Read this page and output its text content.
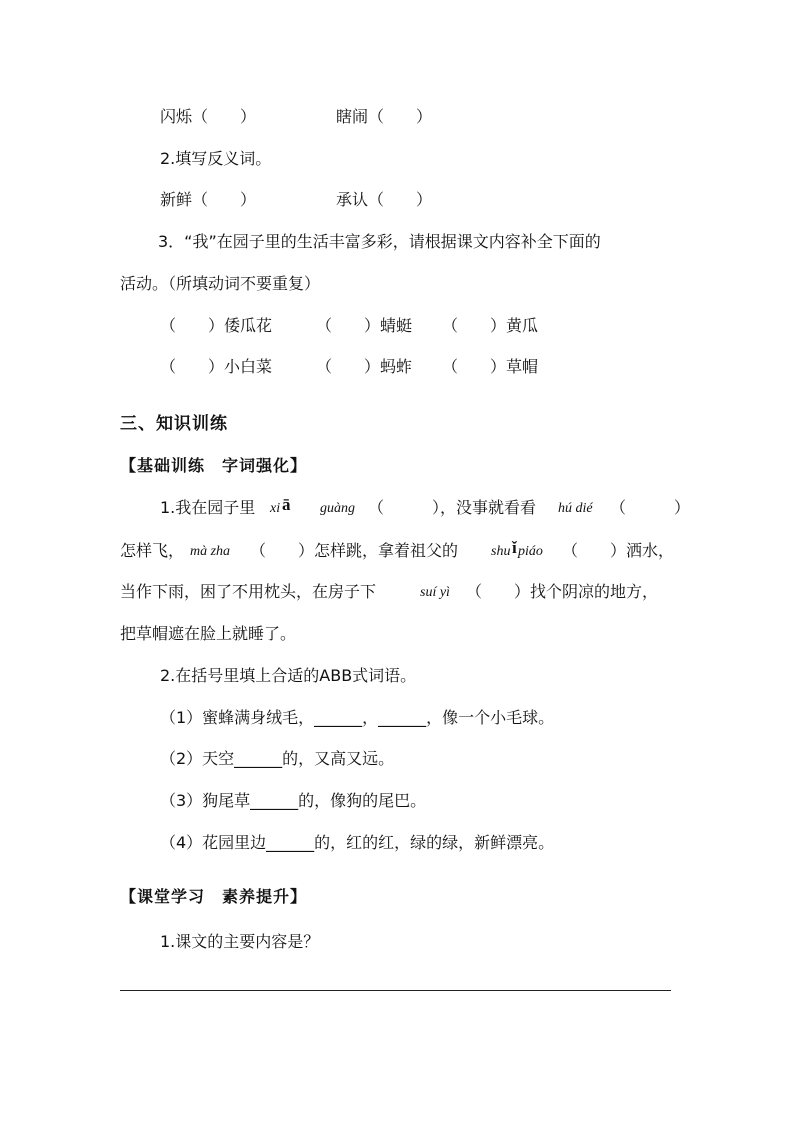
闪烁（　　）	瞎闹（　　）
2.填写反义词。
新鲜（　　）	承认（　　）
3．“我”在园子里的生活丰富多彩，请根据课文内容补全下面的
活动。（所填动词不要重复）
（　　）倭瓜花	（　　）蜻蜓 （　　）黄瓜
（　　）小白菜	（　　）蚂蚱 （　　）草帽
三、知识训练
【基础训练　字词强化】
1.我在园子里 xi ā guàng （　　　），没事就看看 hú dié （　　　）
怎样飞， mà zha （　　）怎样跳，拿着祖父的 shu ǐ piáo （　　）洒水，
当作下雨，困了不用枕头，在房子下	suí yì （　　）找个阴凉的地方，
把草帽遮在脸上就睡了。
2.在括号里填上合适的ABB式词语。
（1）蜜蜂满身绒毛，______，______，像一个小毛球。
（2）天空______的，又高又远。
（3）狗尾草______的，像狗的尾巴。
（4）花园里边______的，红的红，绿的绿，新鲜漂亮。
【课堂学习　素养提升】
1.课文的主要内容是？
